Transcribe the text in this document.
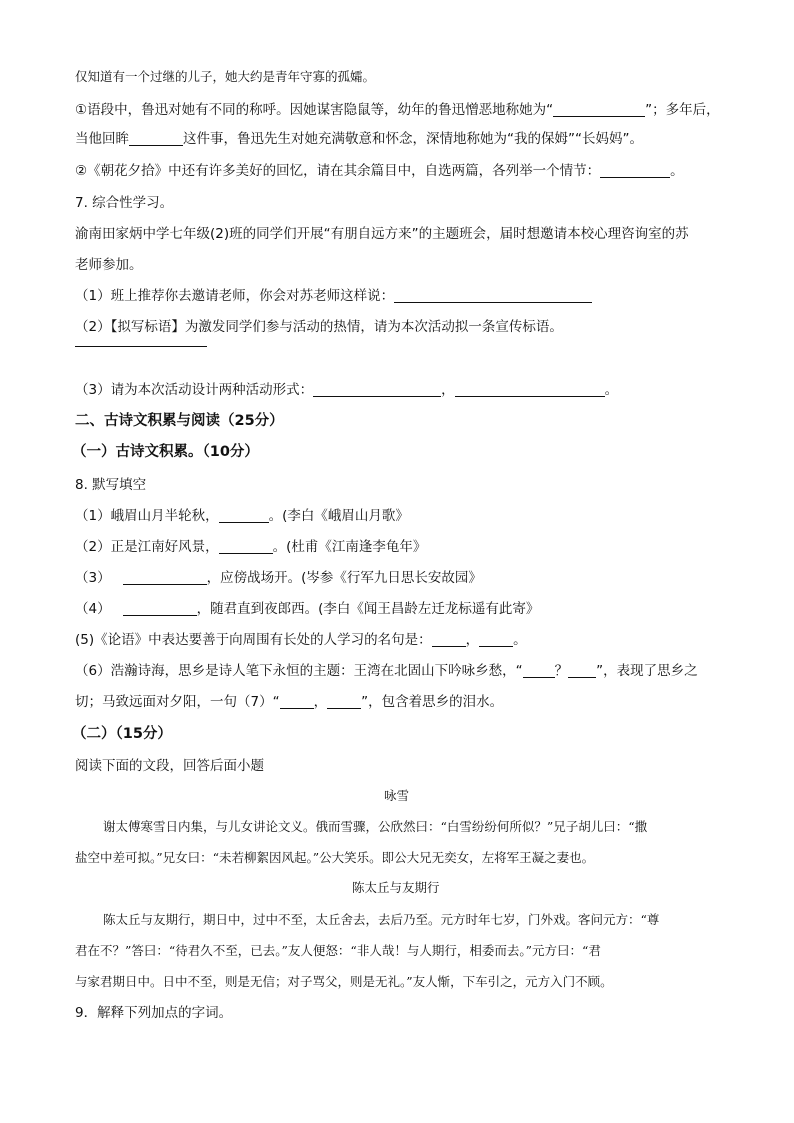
仅知道有一个过继的儿子，她大约是青年守寡的孤孀。
①语段中，鲁迅对她有不同的称呼。因她谋害隐鼠等，幼年的鲁迅憎恶地称她为“	”；多年后，
当他回眸	这件事，鲁迅先生对她充满敬意和怀念，深情地称她为“我的保姆”“长妈妈”。
②《朝花夕拾》中还有许多美好的回忆，请在其余篇目中，自选两篇，各列举一个情节：	。
7. 综合性学习。
渝南田家炳中学七年级(2)班的同学们开展“有朋自远方来”的主题班会，届时想邀请本校心理咨询室的苏
老师参加。
（1）班上推荐你去邀请老师，你会对苏老师这样说：
（2）【拟写标语】为激发同学们参与活动的热情，请为本次活动拟一条宣传标语。
（3）请为本次活动设计两种活动形式：	，	。
二、古诗文积累与阅读（25分）
（一）古诗文积累。（10分）
8. 默写填空
（1）峨眉山月半轮秋，	。(李白《峨眉山月歌》
（2）正是江南好风景，	。(杜甫《江南逢李龟年》
（3）	，应傍战场开。(岑参《行军九日思长安故园》
（4）	，随君直到夜郎西。(李白《闻王昌龄左迁龙标遥有此寄》
(5)《论语》中表达要善于向周围有长处的人学习的名句是：	，	。
（6）浩瀚诗海，思乡是诗人笔下永恒的主题：王湾在北固山下吟咏乡愁，“ ？ ”，表现了思乡之
切；马致远面对夕阳，一句（7）“	，	”，包含着思乡的泪水。
（二）（15分）
阅读下面的文段，回答后面小题
咏雪
谢太傅寒雪日内集，与儿女讲论文义。俄而雪骤，公欣然曰：“白雪纷纷何所似？”兄子胡儿曰：“撒
盐空中差可拟。”兄女曰：“未若柳絮因风起。”公大笑乐。即公大兄无奕女，左将军王凝之妻也。
陈太丘与友期行
陈太丘与友期行，期日中，过中不至，太丘舍去，去后乃至。元方时年七岁，门外戏。客问元方：“尊
君在不？”答曰：“待君久不至，已去。”友人便怒：“非人哉！与人期行，相委而去。”元方曰：“君
与家君期日中。日中不至，则是无信；对子骂父，则是无礼。”友人惭，下车引之，元方入门不顾。
9．解释下列加点的字词。
